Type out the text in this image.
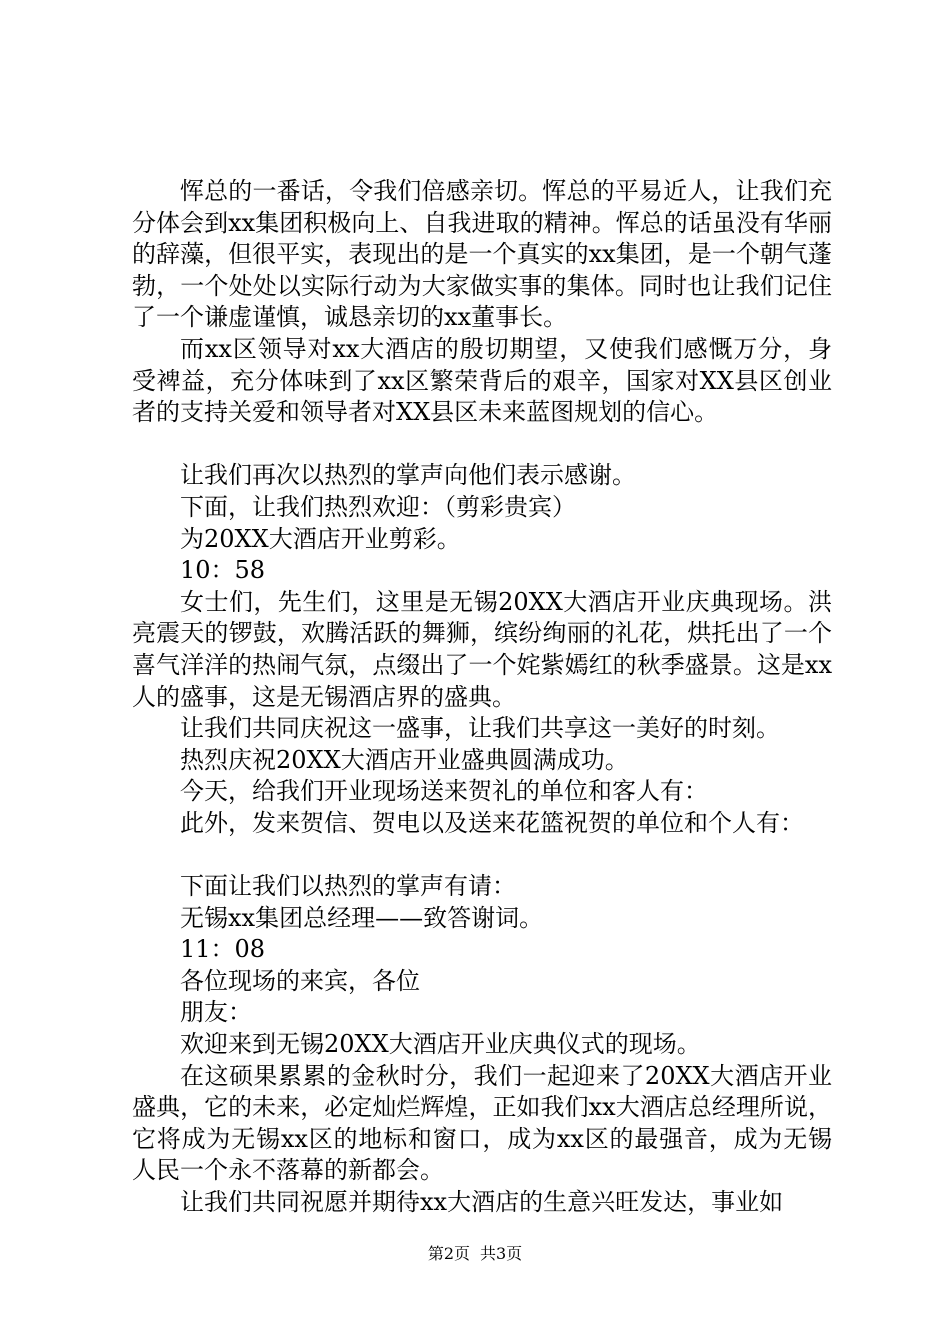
恽总的一番话，令我们倍感亲切。恽总的平易近人，让我们充分体会到xx集团积极向上、自我进取的精神。恽总的话虽没有华丽的辞藻，但很平实，表现出的是一个真实的xx集团，是一个朝气蓬勃，一个处处以实际行动为大家做实事的集体。同时也让我们记住了一个谦虚谨慎，诚恳亲切的xx董事长。

而xx区领导对xx大酒店的殷切期望，又使我们感慨万分，身受裨益，充分体味到了xx区繁荣背后的艰辛，国家对XX县区创业者的支持关爱和领导者对XX县区未来蓝图规划的信心。

让我们再次以热烈的掌声向他们表示感谢。

下面，让我们热烈欢迎：（剪彩贵宾）

为20XX大酒店开业剪彩。

10：58

女士们，先生们，这里是无锡20XX大酒店开业庆典现场。洪亮震天的锣鼓，欢腾活跃的舞狮，缤纷绚丽的礼花，烘托出了一个喜气洋洋的热闹气氛，点缀出了一个姹紫嫣红的秋季盛景。这是xx人的盛事，这是无锡酒店界的盛典。

让我们共同庆祝这一盛事，让我们共享这一美好的时刻。

热烈庆祝20XX大酒店开业盛典圆满成功。

今天，给我们开业现场送来贺礼的单位和客人有：

此外，发来贺信、贺电以及送来花篮祝贺的单位和个人有：

下面让我们以热烈的掌声有请：

无锡xx集团总经理——致答谢词。

11：08

各位现场的来宾，各位

朋友：

欢迎来到无锡20XX大酒店开业庆典仪式的现场。

在这硕果累累的金秋时分，我们一起迎来了20XX大酒店开业盛典，它的未来，必定灿烂辉煌，正如我们xx大酒店总经理所说，它将成为无锡xx区的地标和窗口，成为xx区的最强音，成为无锡人民一个永不落幕的新都会。

让我们共同祝愿并期待xx大酒店的生意兴旺发达，事业如

第2页 共3页
